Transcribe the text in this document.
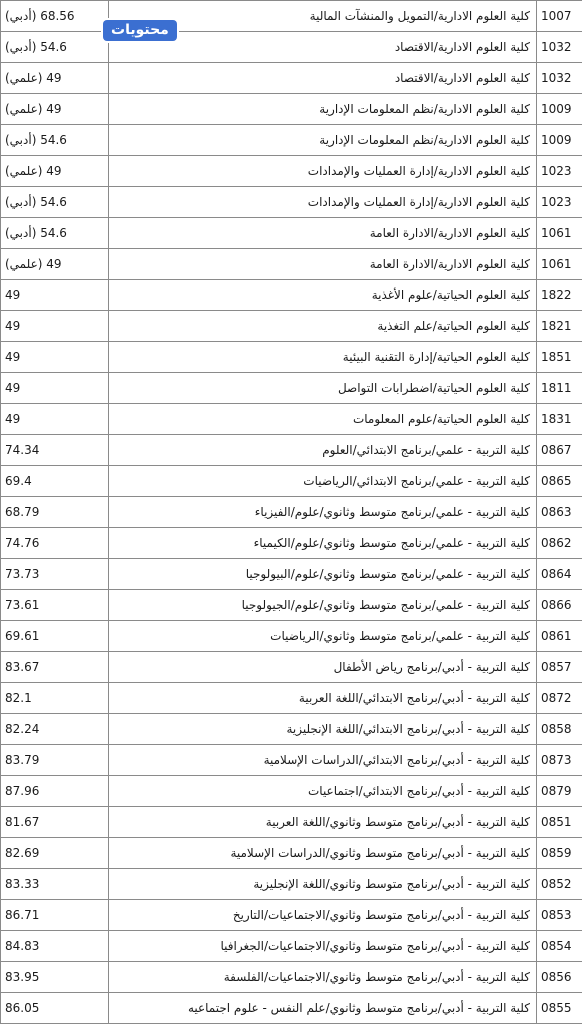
1007	كلية العلوم الادارية/التمويل والمنشآت المالية	68.56 (أدبي)
1032	كلية العلوم الادارية/الاقتصاد	54.6 (أدبي)
1032	كلية العلوم الادارية/الاقتصاد	49 (علمي)
1009	كلية العلوم الادارية/نظم المعلومات الإدارية	49 (علمي)
1009	كلية العلوم الادارية/نظم المعلومات الإدارية	54.6 (أدبي)
1023	كلية العلوم الادارية/إدارة العمليات والإمدادات	49 (علمي)
1023	كلية العلوم الادارية/إدارة العمليات والإمدادات	54.6 (أدبي)
1061	كلية العلوم الادارية/الادارة العامة	54.6 (أدبي)
1061	كلية العلوم الادارية/الادارة العامة	49 (علمي)
1822	كلية العلوم الحياتية/علوم الأغذية	49
1821	كلية العلوم الحياتية/علم التغذية	49
1851	كلية العلوم الحياتية/إدارة التقنية البيئية	49
1811	كلية العلوم الحياتية/اضطرابات التواصل	49
1831	كلية العلوم الحياتية/علوم المعلومات	49
0867	كلية التربية - علمي/برنامج الابتدائي/العلوم	74.34
0865	كلية التربية - علمي/برنامج الابتدائي/الرياضيات	69.4
0863	كلية التربية - علمي/برنامج متوسط وثانوي/علوم/الفيزياء	68.79
0862	كلية التربية - علمي/برنامج متوسط وثانوي/علوم/الكيمياء	74.76
0864	كلية التربية - علمي/برنامج متوسط وثانوي/علوم/البيولوجيا	73.73
0866	كلية التربية - علمي/برنامج متوسط وثانوي/علوم/الجيولوجيا	73.61
0861	كلية التربية - علمي/برنامج متوسط وثانوي/الرياضيات	69.61
0857	كلية التربية - أدبي/برنامج رياض الأطفال	83.67
0872	كلية التربية - أدبي/برنامج الابتدائي/اللغة العربية	82.1
0858	كلية التربية - أدبي/برنامج الابتدائي/اللغة الإنجليزية	82.24
0873	كلية التربية - أدبي/برنامج الابتدائي/الدراسات الإسلامية	83.79
0879	كلية التربية - أدبي/برنامج الابتدائي/اجتماعيات	87.96
0851	كلية التربية - أدبي/برنامج متوسط وثانوي/اللغة العربية	81.67
0859	كلية التربية - أدبي/برنامج متوسط وثانوي/الدراسات الإسلامية	82.69
0852	كلية التربية - أدبي/برنامج متوسط وثانوي/اللغة الإنجليزية	83.33
0853	كلية التربية - أدبي/برنامج متوسط وثانوي/الاجتماعيات/التاريخ	86.71
0854	كلية التربية - أدبي/برنامج متوسط وثانوي/الاجتماعيات/الجغرافيا	84.83
0856	كلية التربية - أدبي/برنامج متوسط وثانوي/الاجتماعيات/الفلسفة	83.95
0855	كلية التربية - أدبي/برنامج متوسط وثانوي/علم النفس - علوم اجتماعيه	86.05
محتويات
